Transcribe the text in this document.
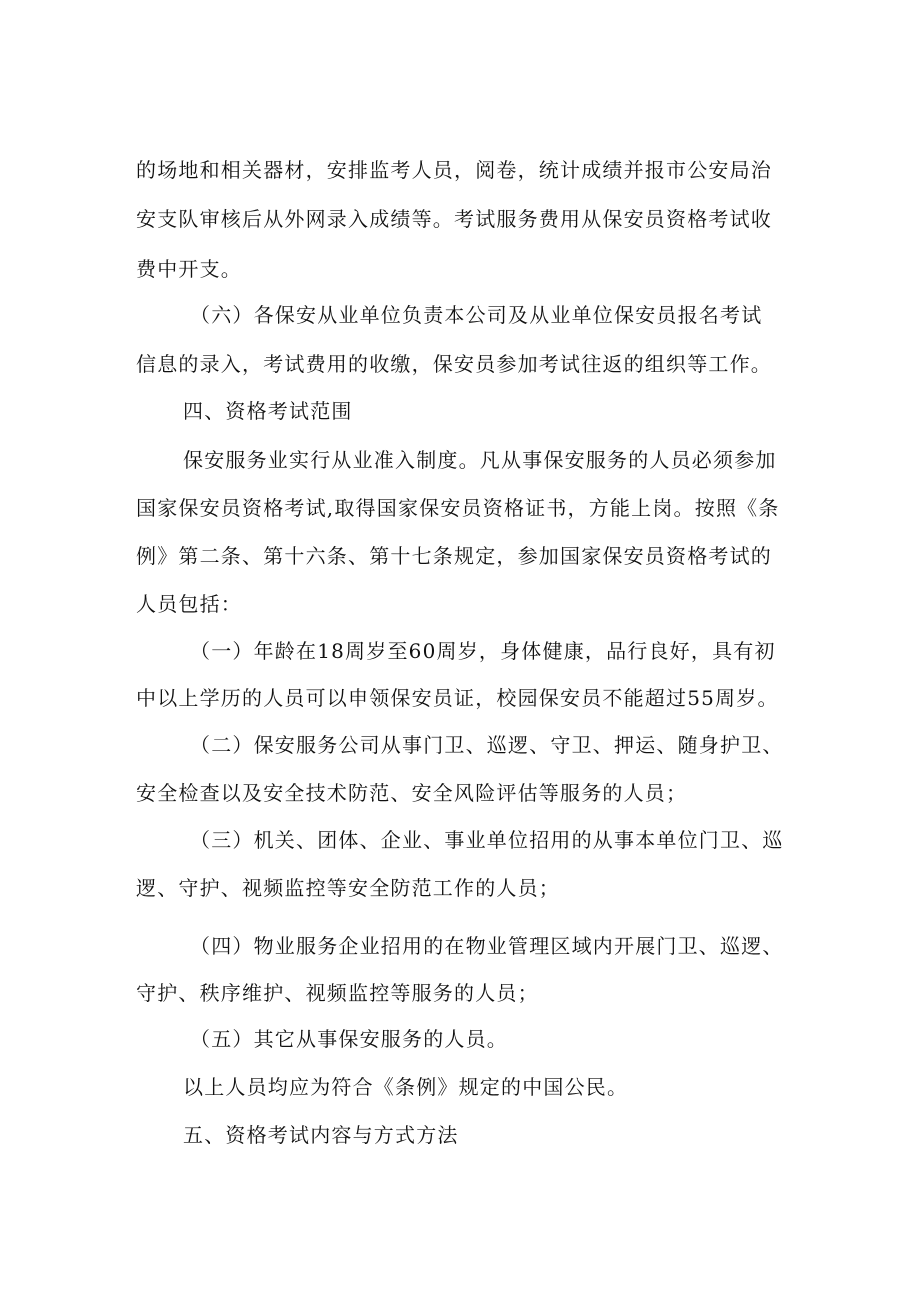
的场地和相关器材，安排监考人员，阅卷，统计成绩并报市公安局治
安支队审核后从外网录入成绩等。考试服务费用从保安员资格考试收
费中开支。
（六）各保安从业单位负责本公司及从业单位保安员报名考试
信息的录入，考试费用的收缴，保安员参加考试往返的组织等工作。
四、资格考试范围
保安服务业实行从业准入制度。凡从事保安服务的人员必须参加
国家保安员资格考试,取得国家保安员资格证书，方能上岗。按照《条
例》第二条、第十六条、第十七条规定，参加国家保安员资格考试的
人员包括：
（一）年龄在18周岁至60周岁，身体健康，品行良好，具有初
中以上学历的人员可以申领保安员证，校园保安员不能超过55周岁。
（二）保安服务公司从事门卫、巡逻、守卫、押运、随身护卫、
安全检查以及安全技术防范、安全风险评估等服务的人员；
（三）机关、团体、企业、事业单位招用的从事本单位门卫、巡
逻、守护、视频监控等安全防范工作的人员；
（四）物业服务企业招用的在物业管理区域内开展门卫、巡逻、
守护、秩序维护、视频监控等服务的人员；
（五）其它从事保安服务的人员。
以上人员均应为符合《条例》规定的中国公民。
五、资格考试内容与方式方法
